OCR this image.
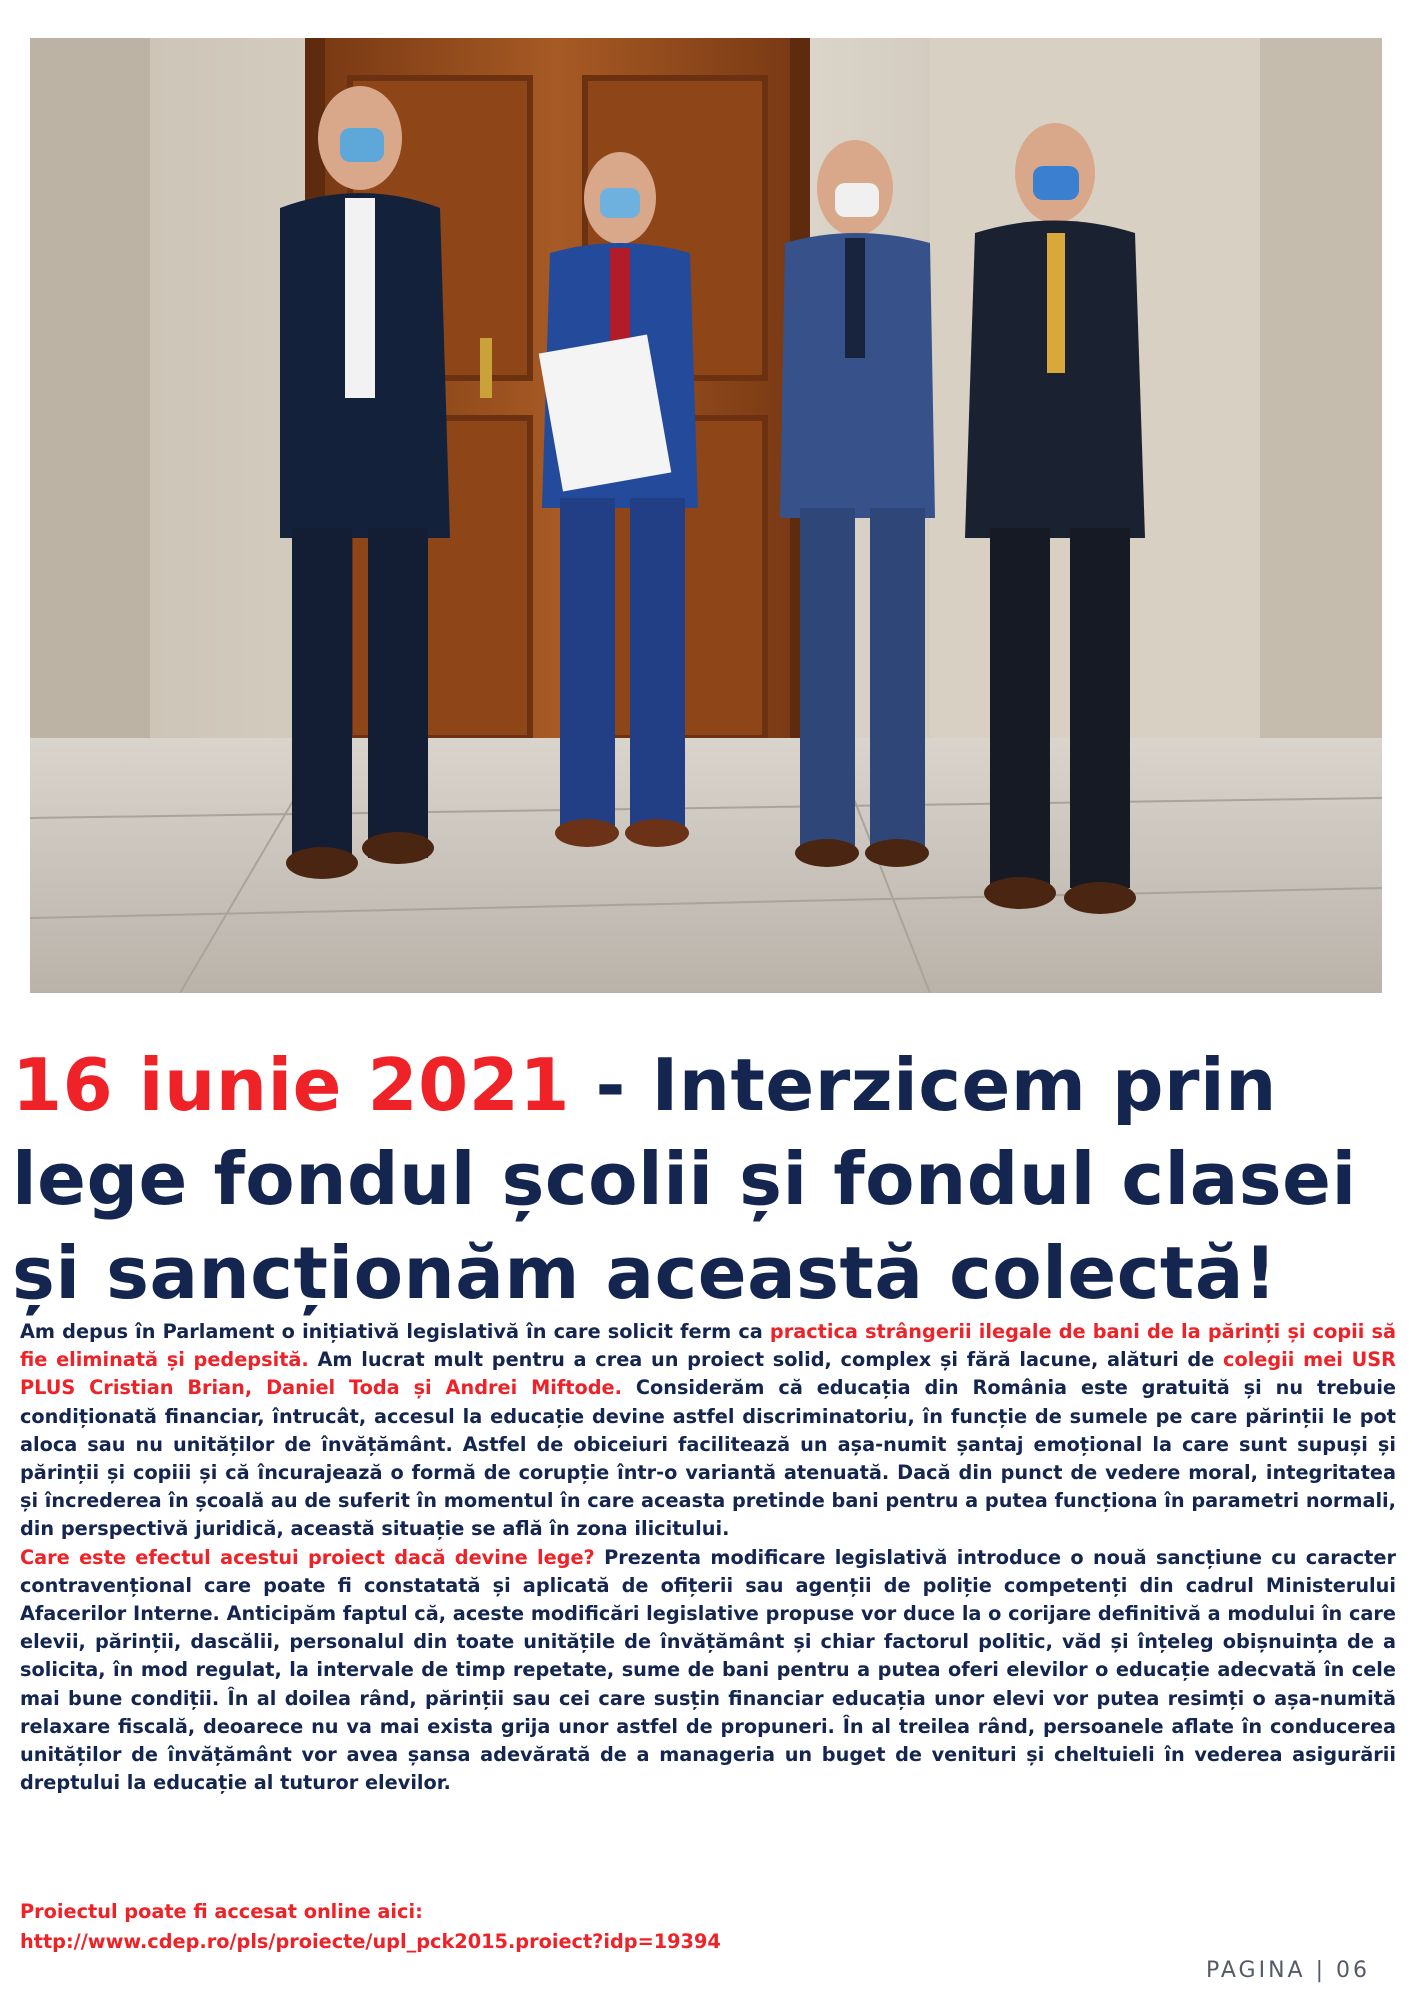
16 iunie 2021 - Interzicem prin
lege fondul școlii și fondul clasei
și sancționăm această colectă!

Am depus în Parlament o inițiativă legislativă în care solicit ferm ca practica strângerii ilegale de bani de la părinți și copii să fie eliminată și pedepsită. Am lucrat mult pentru a crea un proiect solid, complex și fără lacune, alături de colegii mei USR PLUS Cristian Brian, Daniel Toda și Andrei Miftode. Considerăm că educația din România este gratuită și nu trebuie condiționată financiar, întrucât, accesul la educație devine astfel discriminatoriu, în funcție de sumele pe care părinții le pot aloca sau nu unităților de învățământ. Astfel de obiceiuri facilitează un așa-numit șantaj emoțional la care sunt supuși și părinții și copiii și că încurajează o formă de corupție într-o variantă atenuată. Dacă din punct de vedere moral, integritatea și încrederea în școală au de suferit în momentul în care aceasta pretinde bani pentru a putea funcționa în parametri normali, din perspectivă juridică, această situație se află în zona ilicitului.

Care este efectul acestui proiect dacă devine lege? Prezenta modificare legislativă introduce o nouă sancțiune cu caracter contravențional care poate fi constatată și aplicată de ofițerii sau agenții de poliție competenți din cadrul Ministerului Afacerilor Interne. Anticipăm faptul că, aceste modificări legislative propuse vor duce la o corijare definitivă a modului în care elevii, părinții, dascălii, personalul din toate unitățile de învățământ și chiar factorul politic, văd și înțeleg obișnuința de a solicita, în mod regulat, la intervale de timp repetate, sume de bani pentru a putea oferi elevilor o educație adecvată în cele mai bune condiții. În al doilea rând, părinții sau cei care susțin financiar educația unor elevi vor putea resimți o așa-numită relaxare fiscală, deoarece nu va mai exista grija unor astfel de propuneri. În al treilea rând, persoanele aflate în conducerea unităților de învățământ vor avea șansa adevărată de a manageria un buget de venituri și cheltuieli în vederea asigurării dreptului la educație al tuturor elevilor.

Proiectul poate fi accesat online aici:
http://www.cdep.ro/pls/proiecte/upl_pck2015.proiect?idp=19394
PAGINA | 06
